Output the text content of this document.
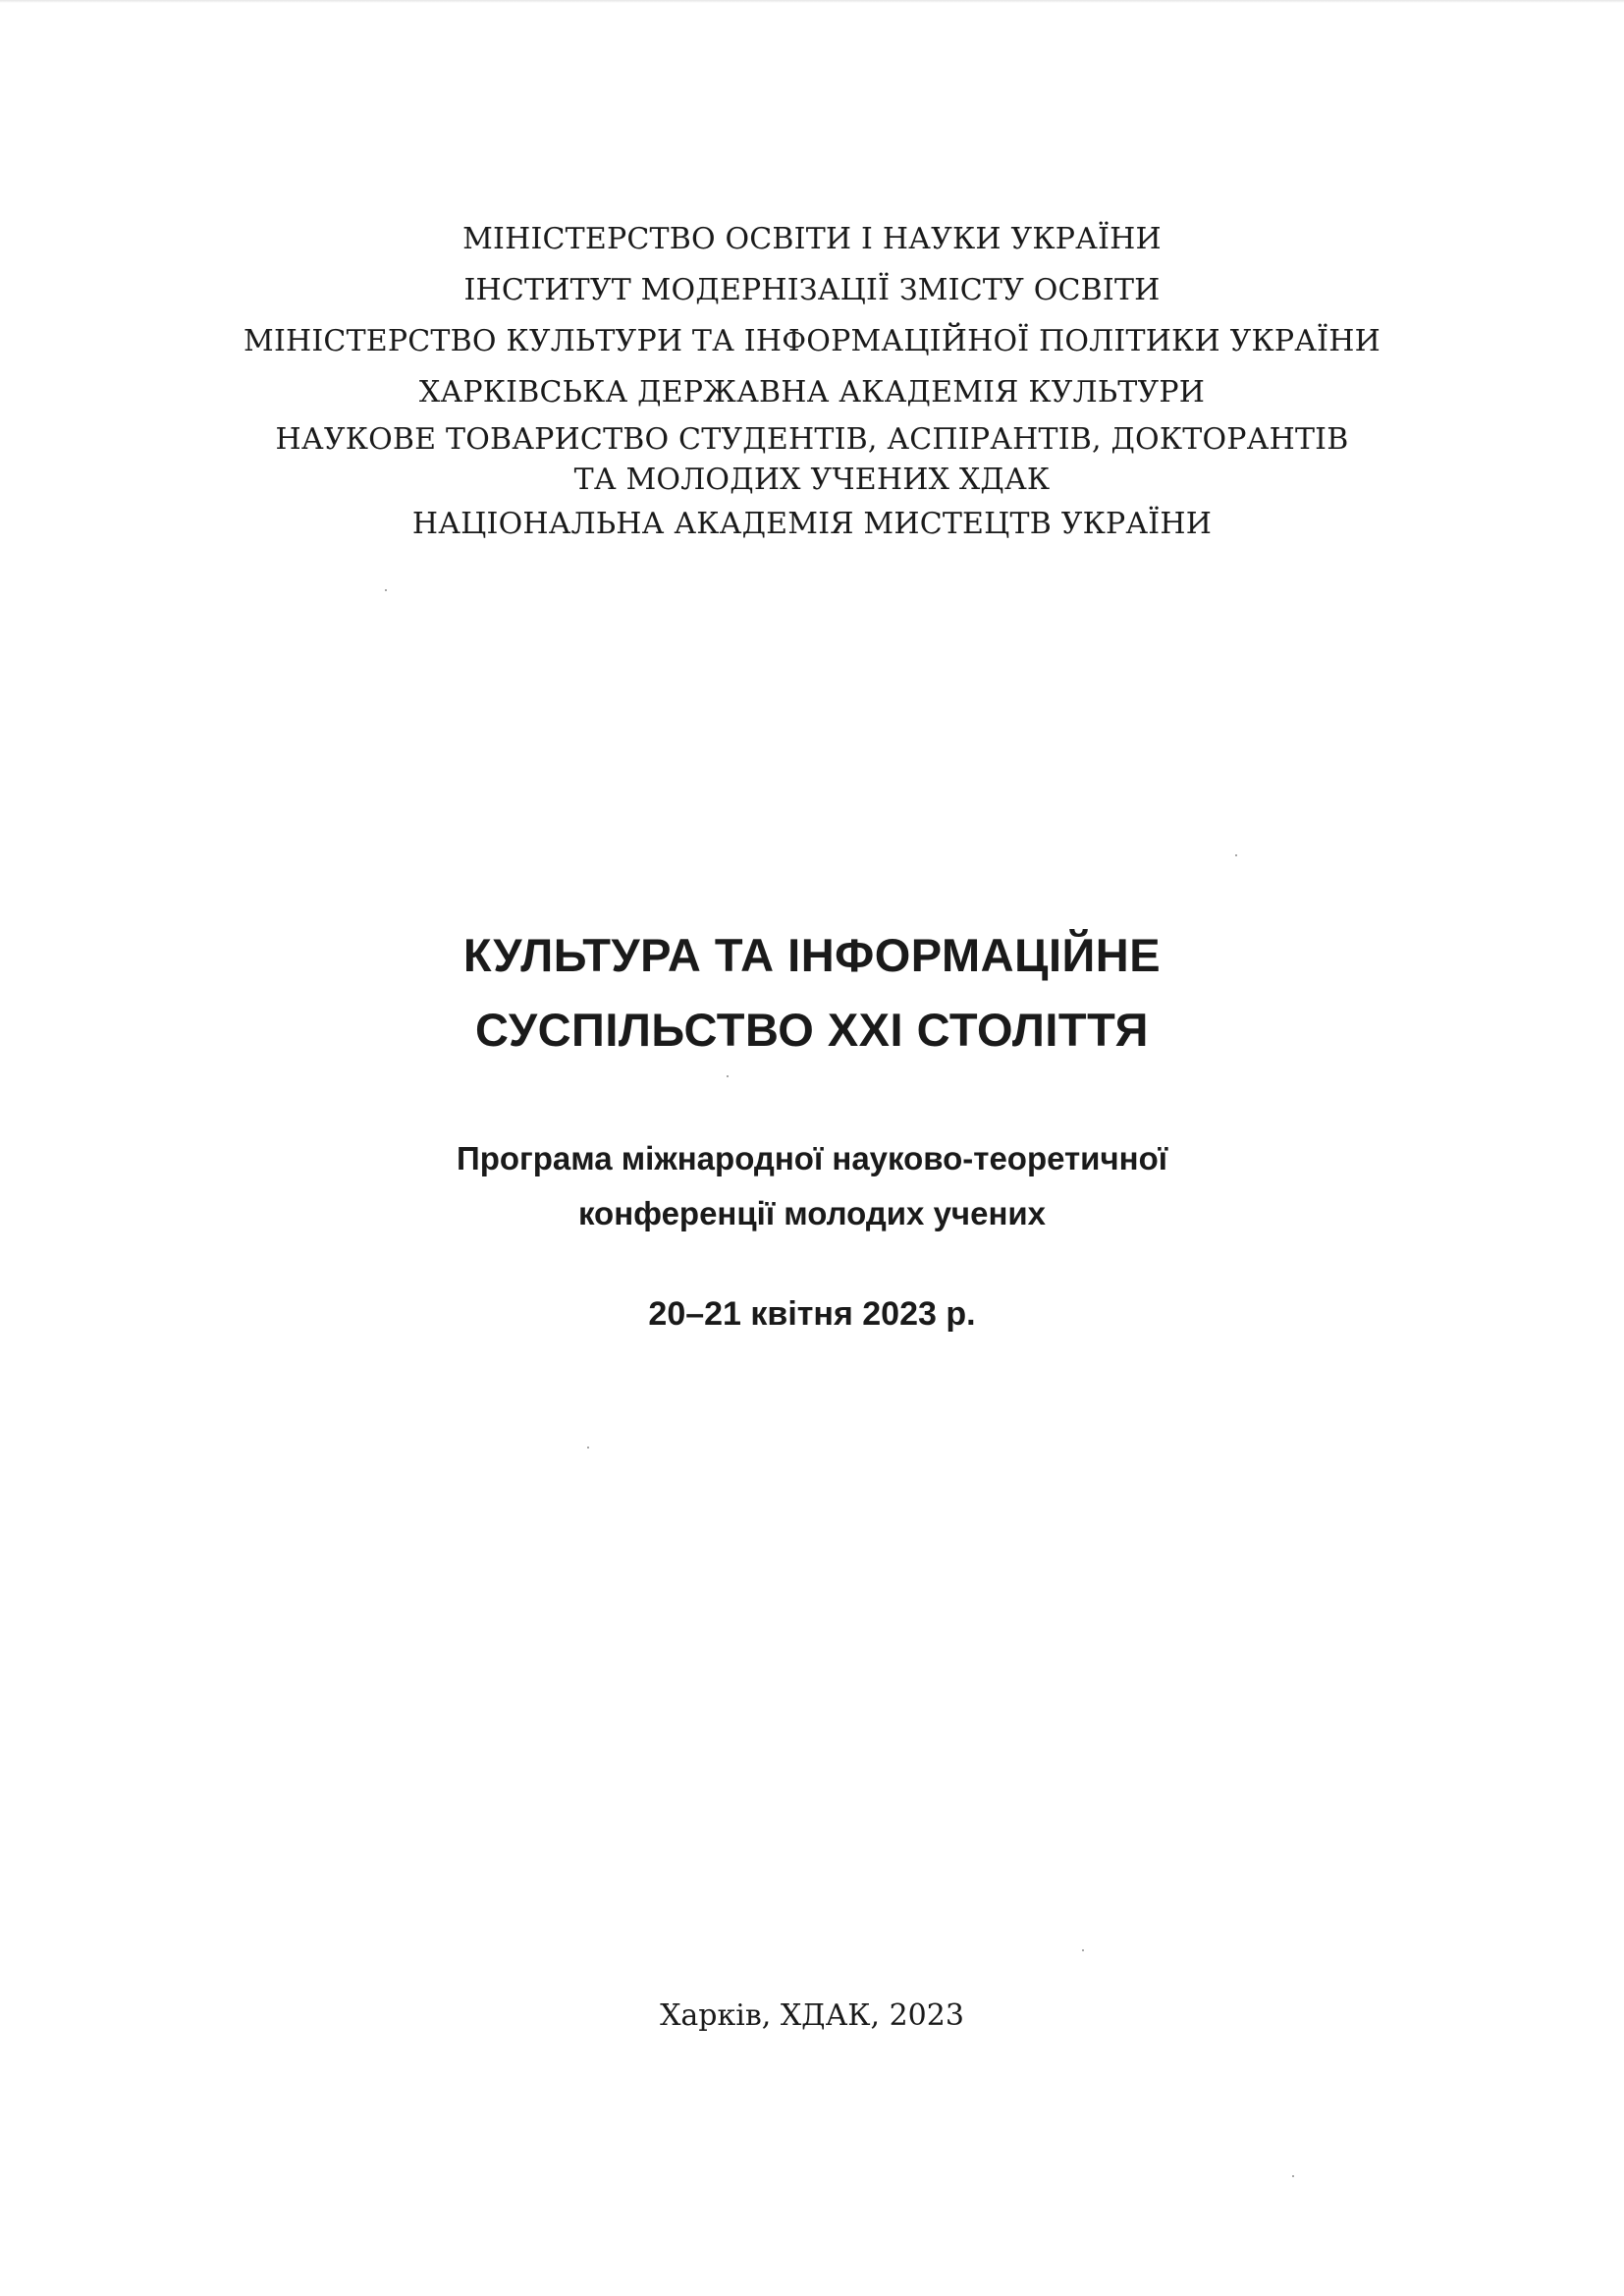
МІНІСТЕРСТВО ОСВІТИ І НАУКИ УКРАЇНИ
ІНСТИТУТ МОДЕРНІЗАЦІЇ ЗМІСТУ ОСВІТИ
МІНІСТЕРСТВО КУЛЬТУРИ ТА ІНФОРМАЦІЙНОЇ ПОЛІТИКИ УКРАЇНИ
ХАРКІВСЬКА ДЕРЖАВНА АКАДЕМІЯ КУЛЬТУРИ
НАУКОВЕ ТОВАРИСТВО СТУДЕНТІВ, АСПІРАНТІВ, ДОКТОРАНТІВ
ТА МОЛОДИХ УЧЕНИХ ХДАК
НАЦІОНАЛЬНА АКАДЕМІЯ МИСТЕЦТВ УКРАЇНИ
КУЛЬТУРА ТА ІНФОРМАЦІЙНЕ
СУСПІЛЬСТВО ХХІ СТОЛІТТЯ
Програма міжнародної науково-теоретичної
конференції молодих учених
20–21 квітня 2023 р.
Харків, ХДАК, 2023
